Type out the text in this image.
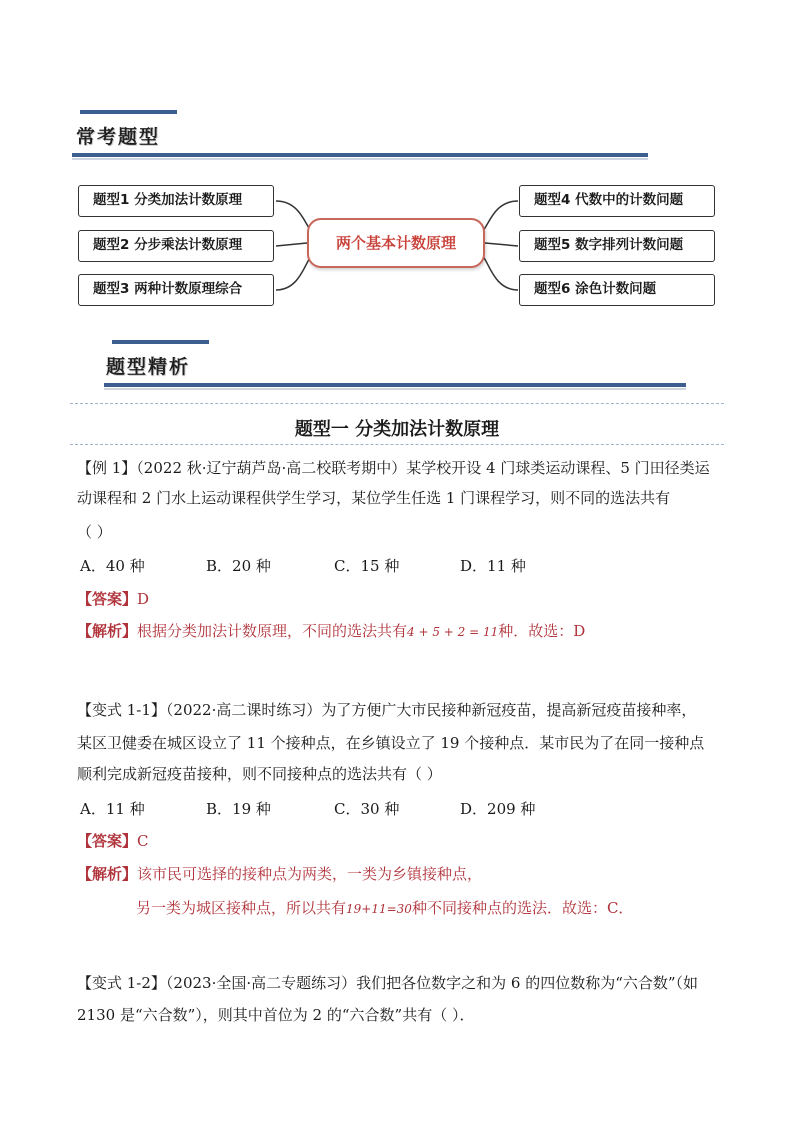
常考题型
题型1 分类加法计数原理
题型2 分步乘法计数原理
题型3 两种计数原理综合
题型4 代数中的计数问题
题型5 数字排列计数问题
题型6 涂色计数问题
两个基本计数原理
题型精析
题型一 分类加法计数原理
【例 1】（2022 秋·辽宁葫芦岛·高二校联考期中）某学校开设 4 门球类运动课程、5 门田径类运
动课程和 2 门水上运动课程供学生学习，某位学生任选 1 门课程学习，则不同的选法共有
（ ）
A．40 种	B．20 种	C．15 种	D．11 种
【答案】D
【解析】根据分类加法计数原理，不同的选法共有4 + 5 + 2 = 11种．故选：D
【变式 1-1】（2022·高二课时练习）为了方便广大市民接种新冠疫苗，提高新冠疫苗接种率，
某区卫健委在城区设立了 11 个接种点，在乡镇设立了 19 个接种点．某市民为了在同一接种点
顺利完成新冠疫苗接种，则不同接种点的选法共有（ ）
A．11 种	B．19 种	C．30 种	D．209 种
【答案】C
【解析】该市民可选择的接种点为两类，一类为乡镇接种点，
另一类为城区接种点，所以共有19+11=30种不同接种点的选法．故选：C．
【变式 1-2】（2023·全国·高二专题练习）我们把各位数字之和为 6 的四位数称为“六合数”（如
2130 是“六合数”），则其中首位为 2 的“六合数”共有（ ）．
